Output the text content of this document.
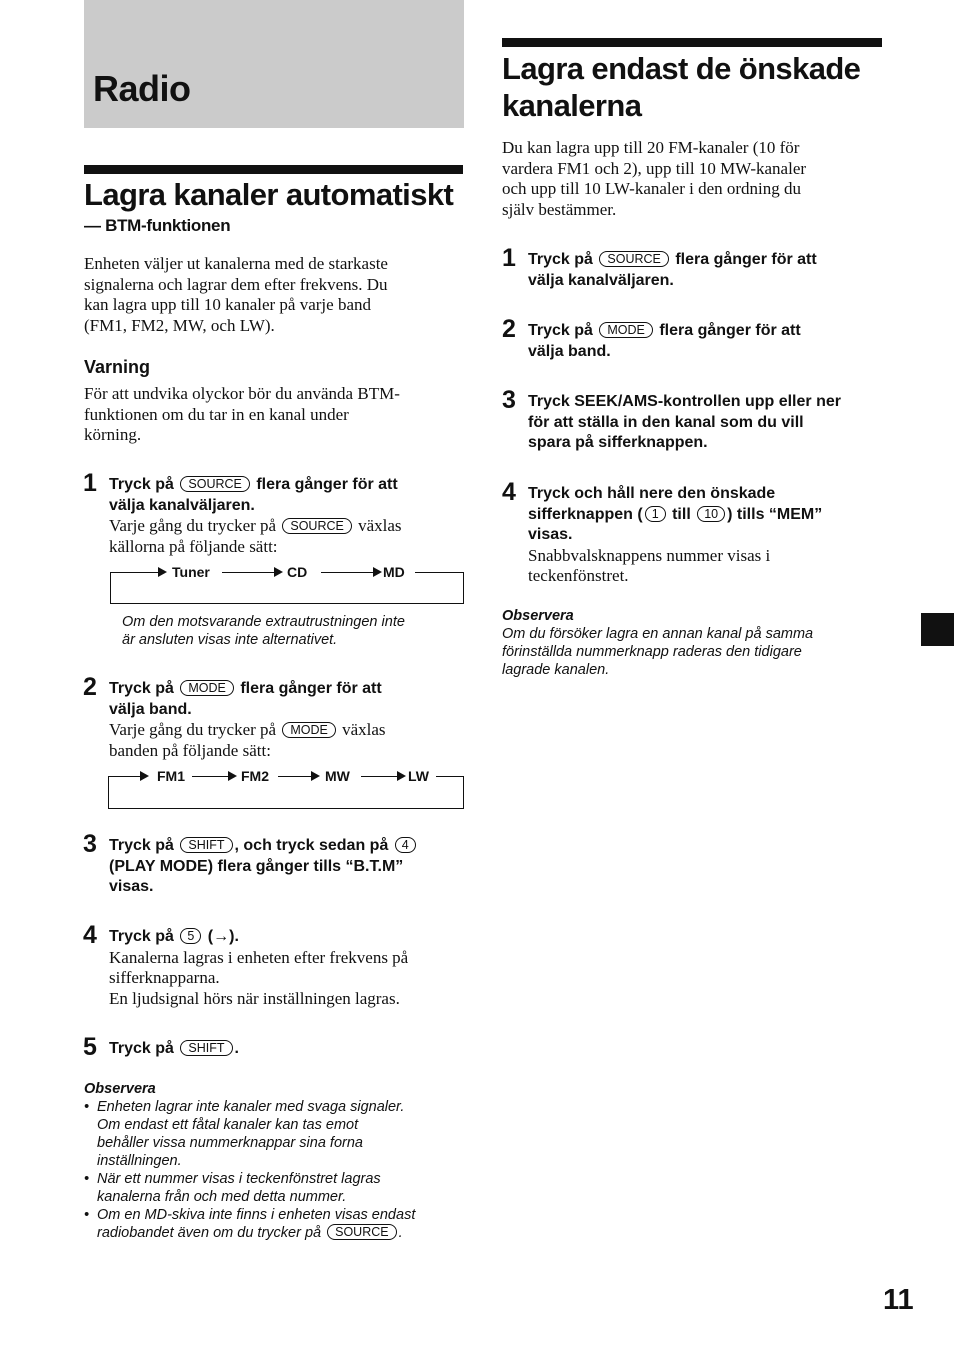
Radio
Lagra kanaler automatiskt
— BTM-funktionen
Enheten väljer ut kanalerna med de starkaste
signalerna och lagrar dem efter frekvens. Du
kan lagra upp till 10 kanaler på varje band
(FM1, FM2, MW, och LW).
Varning
För att undvika olyckor bör du använda BTM-
funktionen om du tar in en kanal under
körning.
1 Tryck på SOURCE flera gånger för att
välja kanalväljaren.
Varje gång du trycker på SOURCE växlas
källorna på följande sätt:
Tuner	CD	MD
Om den motsvarande extrautrustningen inte
är ansluten visas inte alternativet.
2 Tryck på MODE flera gånger för att
välja band.
Varje gång du trycker på MODE växlas
banden på följande sätt:
FM1	FM2	MW	LW
3 Tryck på SHIFT , och tryck sedan på 4
(PLAY MODE) flera gånger tills “B.T.M”
visas.
4 Tryck på 5 (→).
Kanalerna lagras i enheten efter frekvens på
sifferknapparna.
En ljudsignal hörs när inställningen lagras.
5 Tryck på SHIFT .
Observera
• Enheten lagrar inte kanaler med svaga signaler.
Om endast ett fåtal kanaler kan tas emot
behåller vissa nummerknappar sina forna
inställningen.
• När ett nummer visas i teckenfönstret lagras
kanalerna från och med detta nummer.
• Om en MD-skiva inte finns i enheten visas endast
radiobandet även om du trycker på SOURCE .
Lagra endast de önskade
kanalerna
Du kan lagra upp till 20 FM-kanaler (10 för
vardera FM1 och 2), upp till 10 MW-kanaler
och upp till 10 LW-kanaler i den ordning du
själv bestämmer.
1 Tryck på SOURCE flera gånger för att
välja kanalväljaren.
2 Tryck på MODE flera gånger för att
välja band.
3 Tryck SEEK/AMS-kontrollen upp eller ner
för att ställa in den kanal som du vill
spara på sifferknappen.
4 Tryck och håll nere den önskade
sifferknappen ( 1 till 10 ) tills “MEM”
visas.
Snabbvalsknappens nummer visas i
teckenfönstret.
Observera
Om du försöker lagra en annan kanal på samma
förinställda nummerknapp raderas den tidigare
lagrade kanalen.
11
